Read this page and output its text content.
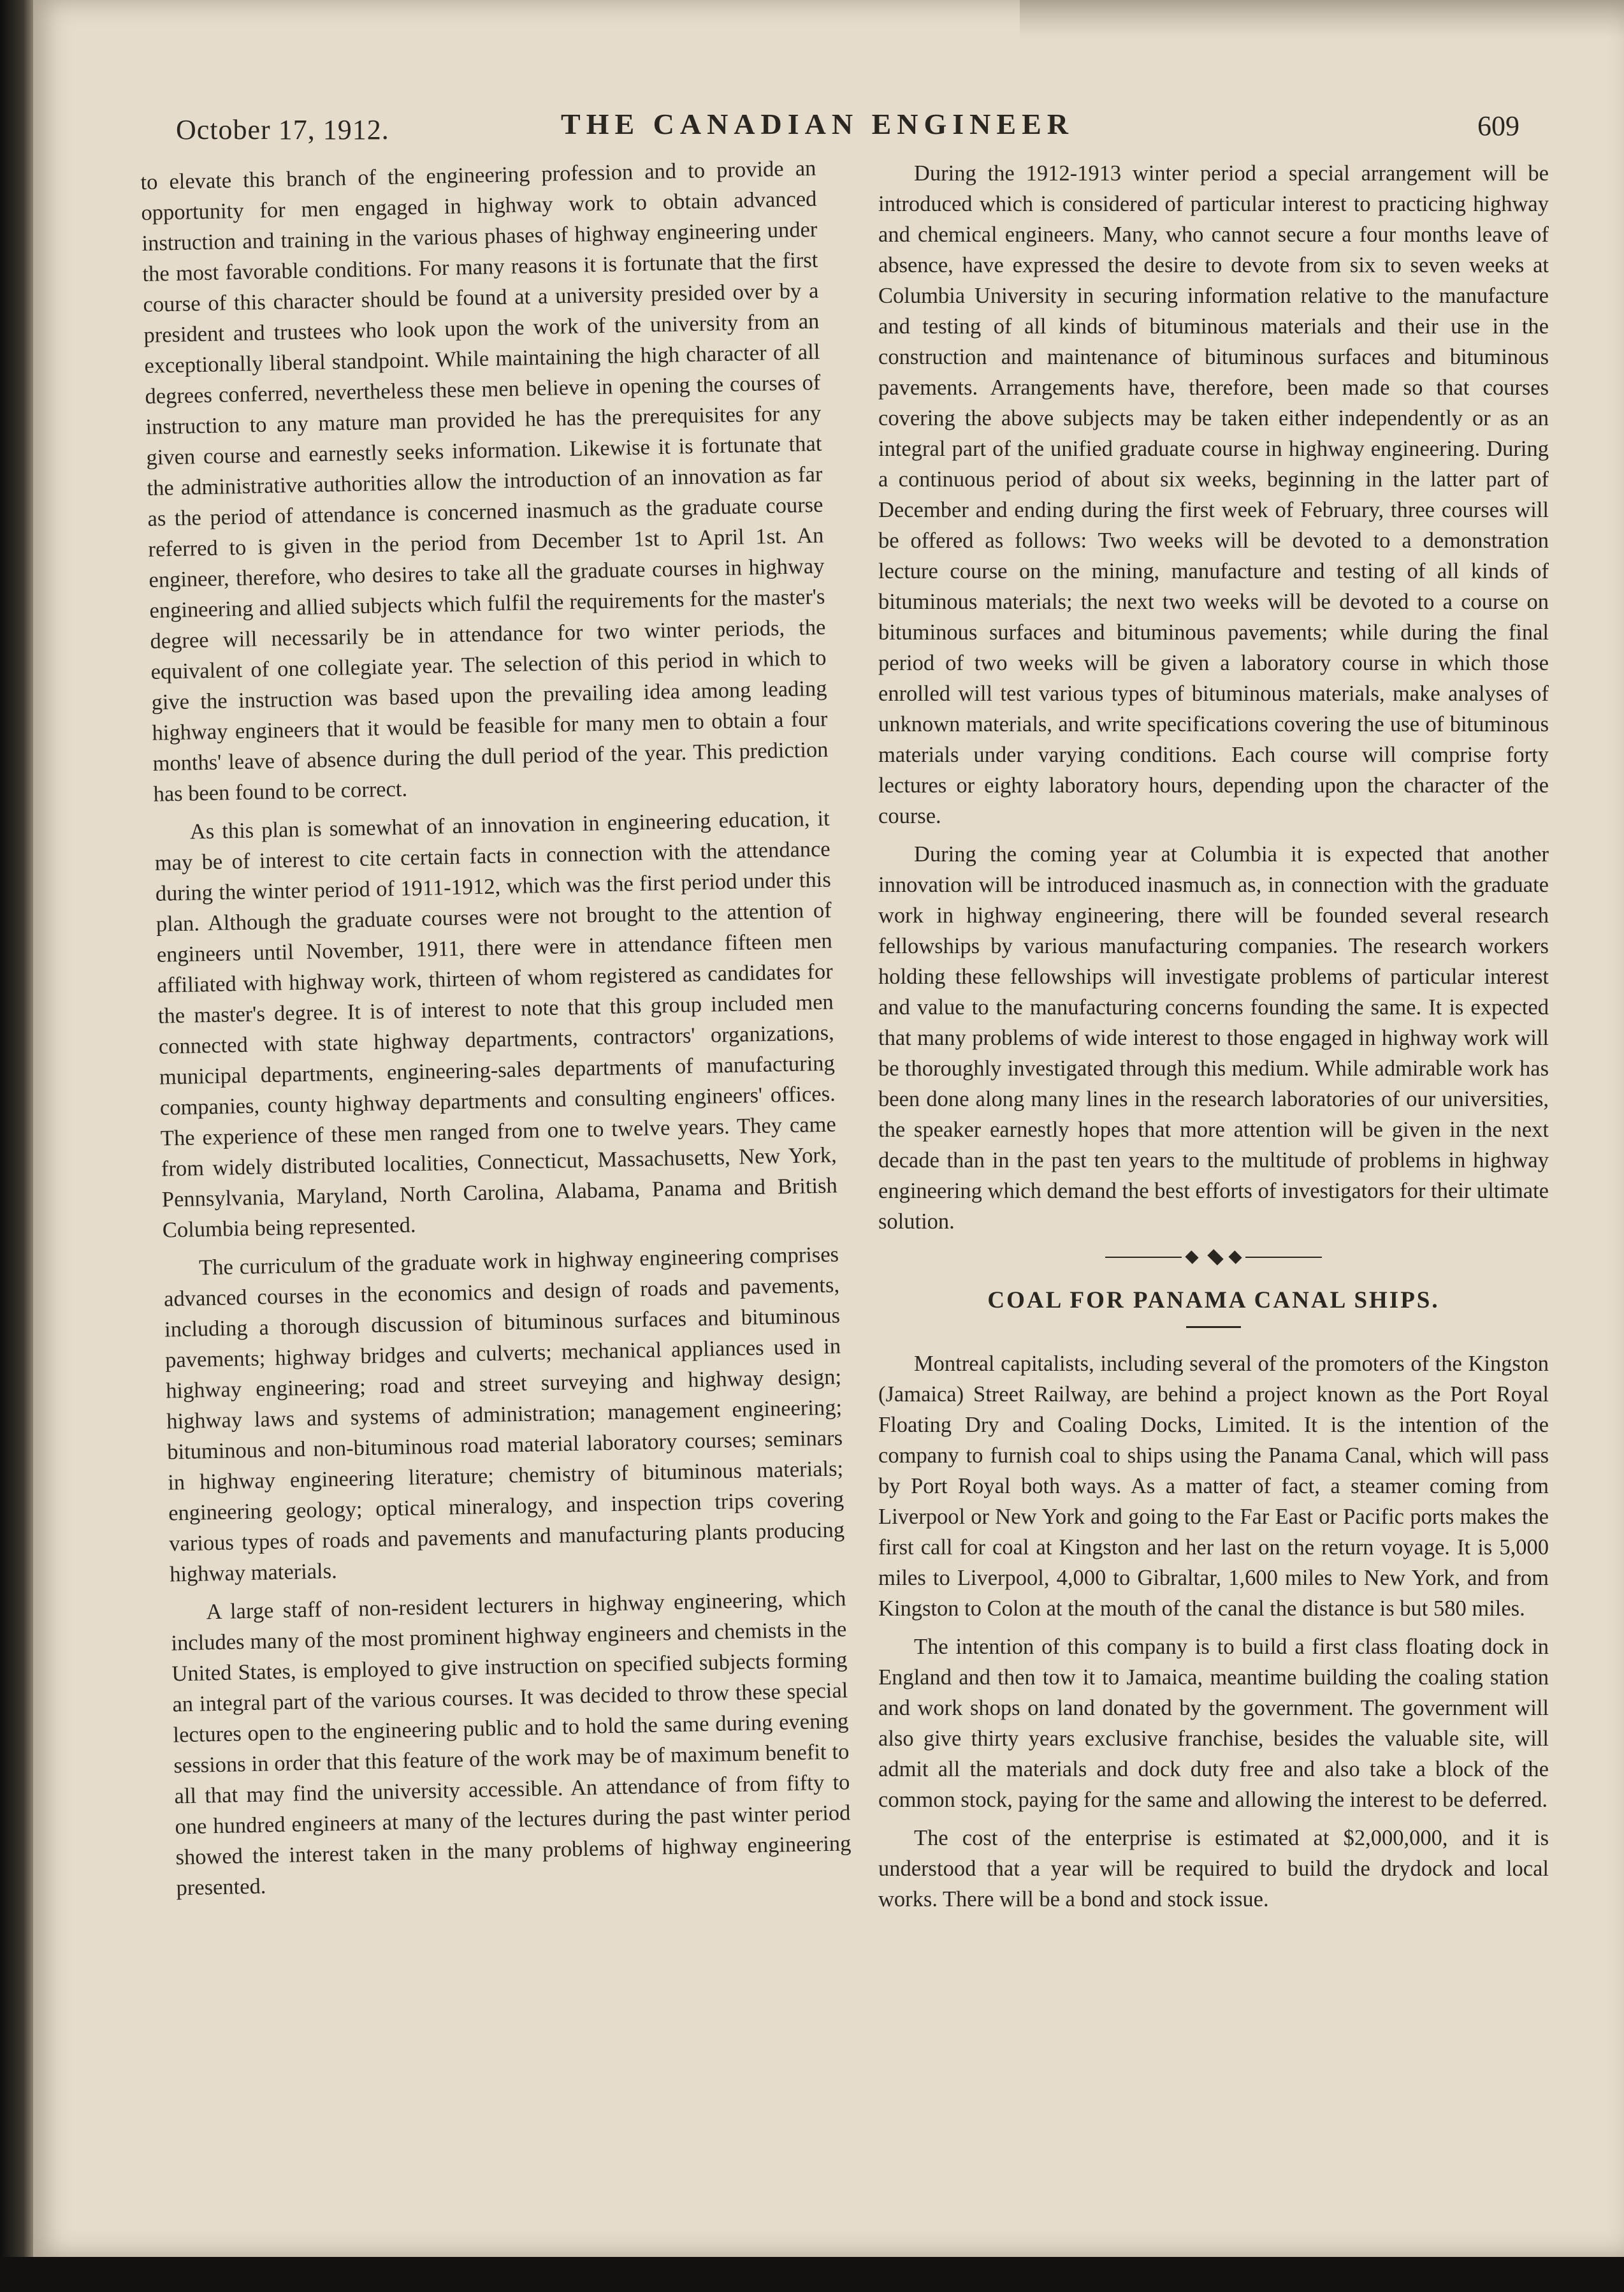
October 17, 1912.	THE CANADIAN ENGINEER	609

to elevate this branch of the engineering profession and to provide an opportunity for men engaged in highway work to obtain advanced instruction and training in the various phases of highway engineering under the most favorable conditions. For many reasons it is fortunate that the first course of this character should be found at a university presided over by a president and trustees who look upon the work of the university from an exceptionally liberal standpoint. While maintaining the high character of all degrees conferred, nevertheless these men believe in opening the courses of instruction to any mature man provided he has the prerequisites for any given course and earnestly seeks information. Likewise it is fortunate that the administrative authorities allow the introduction of an innovation as far as the period of attendance is concerned inasmuch as the graduate course referred to is given in the period from December 1st to April 1st. An engineer, therefore, who desires to take all the graduate courses in highway engineering and allied subjects which fulfil the requirements for the master's degree will necessarily be in attendance for two winter periods, the equivalent of one collegiate year. The selection of this period in which to give the instruction was based upon the prevailing idea among leading highway engineers that it would be feasible for many men to obtain a four months' leave of absence during the dull period of the year. This prediction has been found to be correct.

As this plan is somewhat of an innovation in engineering education, it may be of interest to cite certain facts in connection with the attendance during the winter period of 1911-1912, which was the first period under this plan. Although the graduate courses were not brought to the attention of engineers until November, 1911, there were in attendance fifteen men affiliated with highway work, thirteen of whom registered as candidates for the master's degree. It is of interest to note that this group included men connected with state highway departments, contractors' organizations, municipal departments, engineering-sales departments of manufacturing companies, county highway departments and consulting engineers' offices. The experience of these men ranged from one to twelve years. They came from widely distributed localities, Connecticut, Massachusetts, New York, Pennsylvania, Maryland, North Carolina, Alabama, Panama and British Columbia being represented.

The curriculum of the graduate work in highway engineering comprises advanced courses in the economics and design of roads and pavements, including a thorough discussion of bituminous surfaces and bituminous pavements; highway bridges and culverts; mechanical appliances used in highway engineering; road and street surveying and highway design; highway laws and systems of administration; management engineering; bituminous and non-bituminous road material laboratory courses; seminars in highway engineering literature; chemistry of bituminous materials; engineering geology; optical mineralogy, and inspection trips covering various types of roads and pavements and manufacturing plants producing highway materials.

A large staff of non-resident lecturers in highway engineering, which includes many of the most prominent highway engineers and chemists in the United States, is employed to give instruction on specified subjects forming an integral part of the various courses. It was decided to throw these special lectures open to the engineering public and to hold the same during evening sessions in order that this feature of the work may be of maximum benefit to all that may find the university accessible. An attendance of from fifty to one hundred engineers at many of the lectures during the past winter period showed the interest taken in the many problems of highway engineering presented.

During the 1912-1913 winter period a special arrangement will be introduced which is considered of particular interest to practicing highway and chemical engineers. Many, who cannot secure a four months leave of absence, have expressed the desire to devote from six to seven weeks at Columbia University in securing information relative to the manufacture and testing of all kinds of bituminous materials and their use in the construction and maintenance of bituminous surfaces and bituminous pavements. Arrangements have, therefore, been made so that courses covering the above subjects may be taken either independently or as an integral part of the unified graduate course in highway engineering. During a continuous period of about six weeks, beginning in the latter part of December and ending during the first week of February, three courses will be offered as follows: Two weeks will be devoted to a demonstration lecture course on the mining, manufacture and testing of all kinds of bituminous materials; the next two weeks will be devoted to a course on bituminous surfaces and bituminous pavements; while during the final period of two weeks will be given a laboratory course in which those enrolled will test various types of bituminous materials, make analyses of unknown materials, and write specifications covering the use of bituminous materials under varying conditions. Each course will comprise forty lectures or eighty laboratory hours, depending upon the character of the course.

During the coming year at Columbia it is expected that another innovation will be introduced inasmuch as, in connection with the graduate work in highway engineering, there will be founded several research fellowships by various manufacturing companies. The research workers holding these fellowships will investigate problems of particular interest and value to the manufacturing concerns founding the same. It is expected that many problems of wide interest to those engaged in highway work will be thoroughly investigated through this medium. While admirable work has been done along many lines in the research laboratories of our universities, the speaker earnestly hopes that more attention will be given in the next decade than in the past ten years to the multitude of problems in highway engineering which demand the best efforts of investigators for their ultimate solution.

COAL FOR PANAMA CANAL SHIPS.

Montreal capitalists, including several of the promoters of the Kingston (Jamaica) Street Railway, are behind a project known as the Port Royal Floating Dry and Coaling Docks, Limited. It is the intention of the company to furnish coal to ships using the Panama Canal, which will pass by Port Royal both ways. As a matter of fact, a steamer coming from Liverpool or New York and going to the Far East or Pacific ports makes the first call for coal at Kingston and her last on the return voyage. It is 5,000 miles to Liverpool, 4,000 to Gibraltar, 1,600 miles to New York, and from Kingston to Colon at the mouth of the canal the distance is but 580 miles.

The intention of this company is to build a first class floating dock in England and then tow it to Jamaica, meantime building the coaling station and work shops on land donated by the government. The government will also give thirty years exclusive franchise, besides the valuable site, will admit all the materials and dock duty free and also take a block of the common stock, paying for the same and allowing the interest to be deferred.

The cost of the enterprise is estimated at $2,000,000, and it is understood that a year will be required to build the drydock and local works. There will be a bond and stock issue.
